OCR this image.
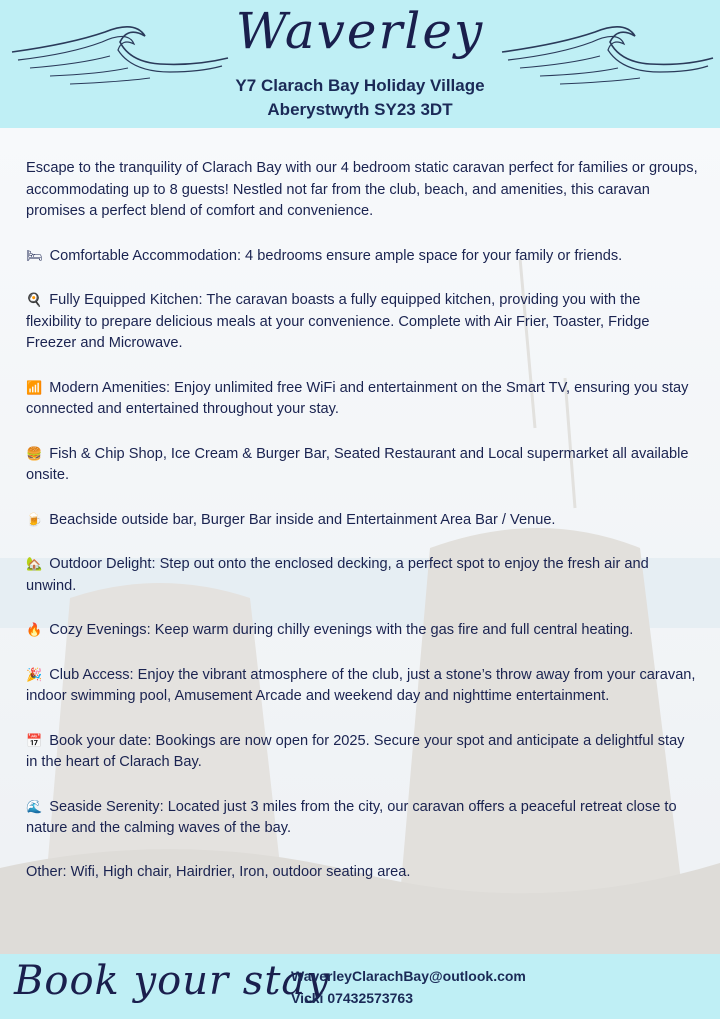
Waverley
Y7 Clarach Bay Holiday Village
Aberystwyth SY23 3DT

Escape to the tranquility of Clarach Bay with our 4 bedroom static caravan perfect for families or groups, accommodating up to 8 guests! Nestled not far from the club, beach, and amenities, this caravan promises a perfect blend of comfort and convenience.

🛏 Comfortable Accommodation: 4 bedrooms ensure ample space for your family or friends.

🍳 Fully Equipped Kitchen: The caravan boasts a fully equipped kitchen, providing you with the flexibility to prepare delicious meals at your convenience. Complete with Air Frier, Toaster, Fridge Freezer and Microwave.

📶 Modern Amenities: Enjoy unlimited free WiFi and entertainment on the Smart TV, ensuring you stay connected and entertained throughout your stay.

🍔 Fish & Chip Shop, Ice Cream & Burger Bar, Seated Restaurant and Local supermarket all available onsite.

🍺 Beachside outside bar, Burger Bar inside and Entertainment Area Bar / Venue.

🏡 Outdoor Delight: Step out onto the enclosed decking, a perfect spot to enjoy the fresh air and unwind.

🔥 Cozy Evenings: Keep warm during chilly evenings with the gas fire and full central heating.

🎉 Club Access: Enjoy the vibrant atmosphere of the club, just a stone’s throw away from your caravan, indoor swimming pool, Amusement Arcade and weekend day and nighttime entertainment.

📅 Book your date: Bookings are now open for 2025. Secure your spot and anticipate a delightful stay in the heart of Clarach Bay.

🌊 Seaside Serenity: Located just 3 miles from the city, our caravan offers a peaceful retreat close to nature and the calming waves of the bay.

Other: Wifi, High chair, Hairdrier, Iron, outdoor seating area.

Book your stay
WaverleyClarachBay@outlook.com
Vicki 07432573763
